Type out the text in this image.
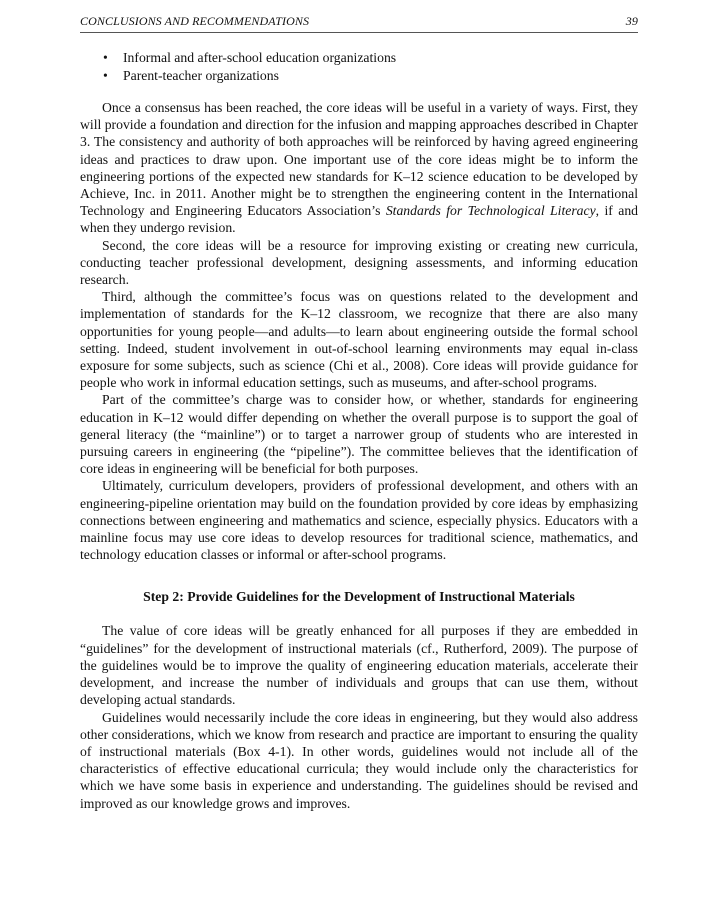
CONCLUSIONS AND RECOMMENDATIONS	39
• Informal and after-school education organizations
• Parent-teacher organizations

Once a consensus has been reached, the core ideas will be useful in a variety of ways. First, they will provide a foundation and direction for the infusion and mapping approaches described in Chapter 3. The consistency and authority of both approaches will be reinforced by having agreed engineering ideas and practices to draw upon. One important use of the core ideas might be to inform the engineering portions of the expected new standards for K–12 science education to be developed by Achieve, Inc. in 2011. Another might be to strengthen the engineering content in the International Technology and Engineering Educators Association’s Standards for Technological Literacy, if and when they undergo revision.

Second, the core ideas will be a resource for improving existing or creating new curricula, conducting teacher professional development, designing assessments, and informing education research.

Third, although the committee’s focus was on questions related to the development and implementation of standards for the K–12 classroom, we recognize that there are also many opportunities for young people—and adults—to learn about engineering outside the formal school setting. Indeed, student involvement in out-of-school learning environments may equal in-class exposure for some subjects, such as science (Chi et al., 2008). Core ideas will provide guidance for people who work in informal education settings, such as museums, and after-school programs.

Part of the committee’s charge was to consider how, or whether, standards for engineering education in K–12 would differ depending on whether the overall purpose is to support the goal of general literacy (the “mainline”) or to target a narrower group of students who are interested in pursuing careers in engineering (the “pipeline”). The committee believes that the identification of core ideas in engineering will be beneficial for both purposes.

Ultimately, curriculum developers, providers of professional development, and others with an engineering-pipeline orientation may build on the foundation provided by core ideas by emphasizing connections between engineering and mathematics and science, especially physics. Educators with a mainline focus may use core ideas to develop resources for traditional science, mathematics, and technology education classes or informal or after-school programs.

Step 2: Provide Guidelines for the Development of Instructional Materials

The value of core ideas will be greatly enhanced for all purposes if they are embedded in “guidelines” for the development of instructional materials (cf., Rutherford, 2009). The purpose of the guidelines would be to improve the quality of engineering education materials, accelerate their development, and increase the number of individuals and groups that can use them, without developing actual standards.

Guidelines would necessarily include the core ideas in engineering, but they would also address other considerations, which we know from research and practice are important to ensuring the quality of instructional materials (Box 4-1). In other words, guidelines would not include all of the characteristics of effective educational curricula; they would include only the characteristics for which we have some basis in experience and understanding. The guidelines should be revised and improved as our knowledge grows and improves.
